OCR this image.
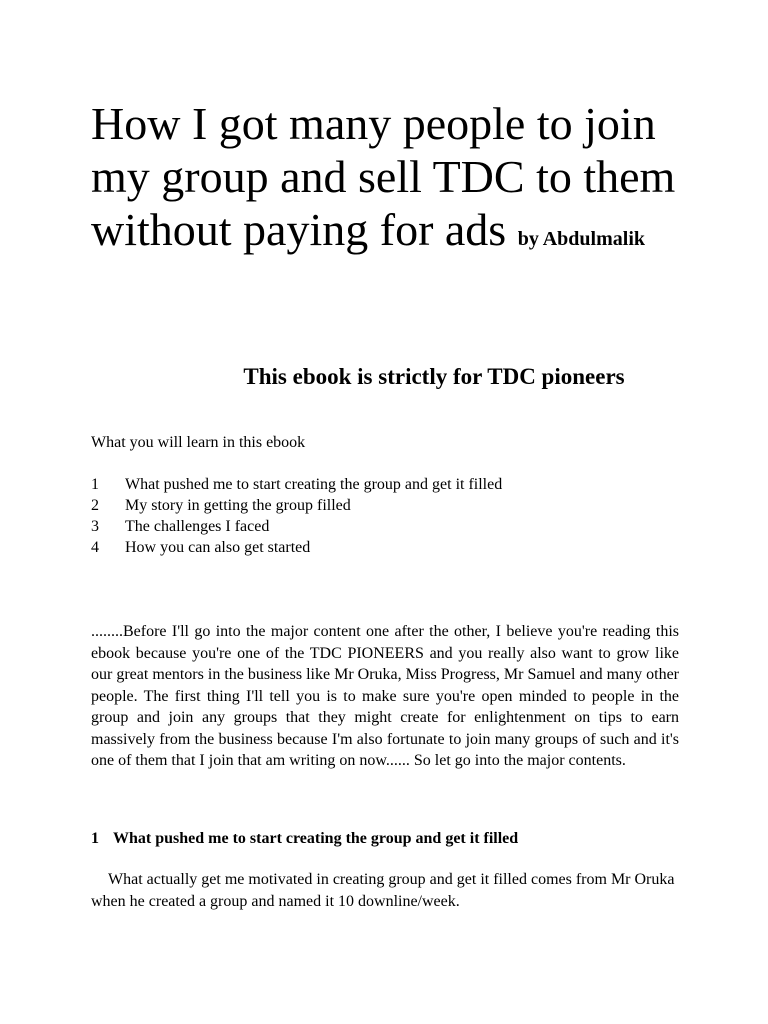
How I got many people to join my group and sell TDC to them without paying for ads by Abdulmalik
This ebook is strictly for TDC pioneers

What you will learn in this ebook

1	What pushed me to start creating the group and get it filled
2	My story in getting the group filled
3	The challenges I faced
4	How you can also get started

........Before I'll go into the major content one after the other, I believe you're reading this ebook because you're one of the TDC PIONEERS and you really also want to grow like our great mentors in the business like Mr Oruka, Miss Progress, Mr Samuel and many other people. The first thing I'll tell you is to make sure you're open minded to people in the group and join any groups that they might create for enlightenment on tips to earn massively from the business because I'm also fortunate to join many groups of such and it's one of them that I join that am writing on now...... So let go into the major contents.

1 What pushed me to start creating the group and get it filled

What actually get me motivated in creating group and get it filled comes from Mr Oruka when he created a group and named it 10 downline/week.
